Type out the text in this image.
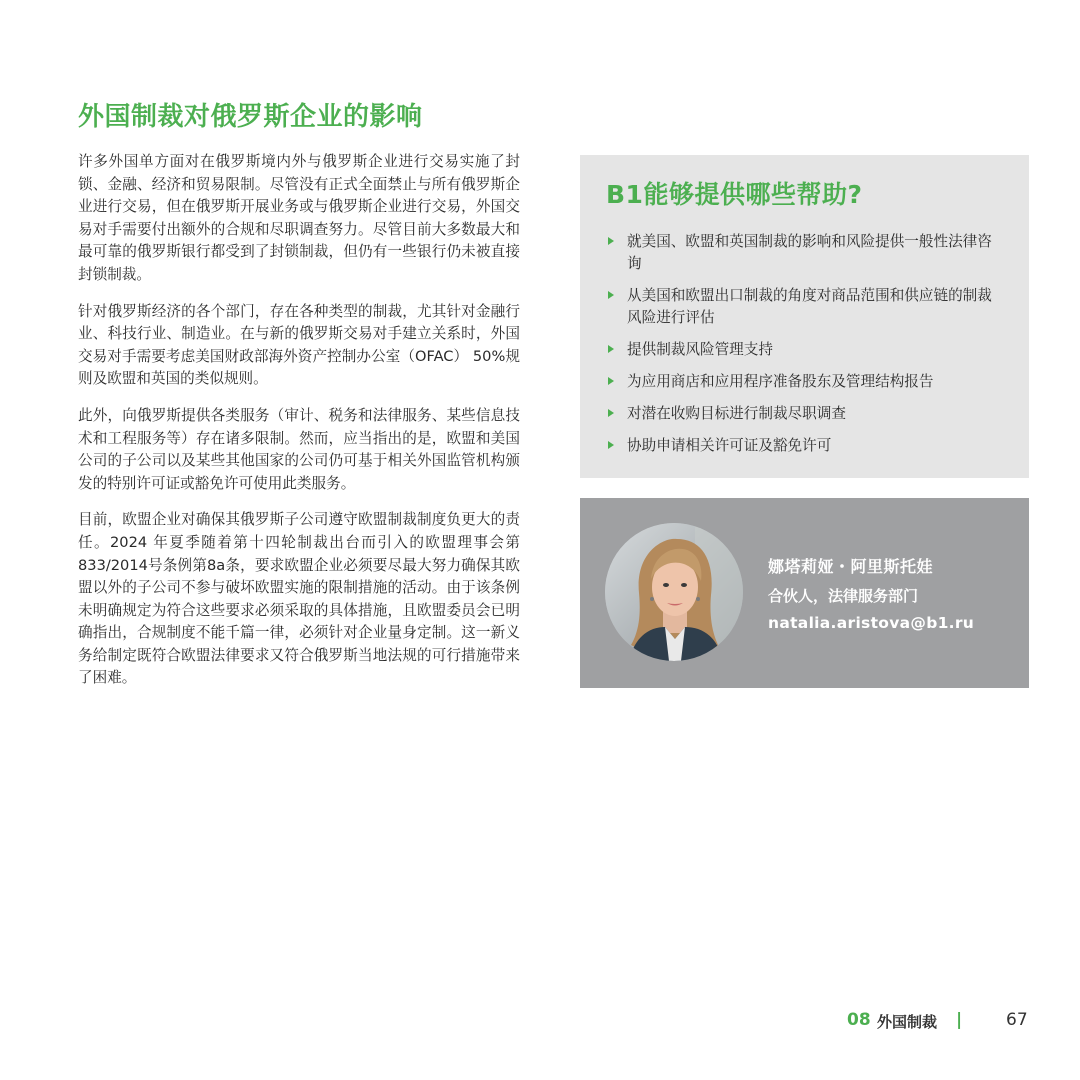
外国制裁对俄罗斯企业的影响

许多外国单方面对在俄罗斯境内外与俄罗斯企业进行交易实施了封锁、金融、经济和贸易限制。尽管没有正式全面禁止与所有俄罗斯企业进行交易，但在俄罗斯开展业务或与俄罗斯企业进行交易，外国交易对手需要付出额外的合规和尽职调查努力。尽管目前大多数最大和最可靠的俄罗斯银行都受到了封锁制裁，但仍有一些银行仍未被直接封锁制裁。

针对俄罗斯经济的各个部门，存在各种类型的制裁，尤其针对金融行业、科技行业、制造业。在与新的俄罗斯交易对手建立关系时，外国交易对手需要考虑美国财政部海外资产控制办公室（OFAC） 50%规则及欧盟和英国的类似规则。

此外，向俄罗斯提供各类服务（审计、税务和法律服务、某些信息技术和工程服务等）存在诸多限制。然而，应当指出的是，欧盟和美国公司的子公司以及某些其他国家的公司仍可基于相关外国监管机构颁发的特别许可证或豁免许可使用此类服务。

目前，欧盟企业对确保其俄罗斯子公司遵守欧盟制裁制度负更大的责任。2024 年夏季随着第十四轮制裁出台而引入的欧盟理事会第833/2014号条例第8a条，要求欧盟企业必须要尽最大努力确保其欧盟以外的子公司不参与破坏欧盟实施的限制措施的活动。由于该条例未明确规定为符合这些要求必须采取的具体措施，且欧盟委员会已明确指出，合规制度不能千篇一律，必须针对企业量身定制。这一新义务给制定既符合欧盟法律要求又符合俄罗斯当地法规的可行措施带来了困难。

B1能够提供哪些帮助?
就美国、欧盟和英国制裁的影响和风险提供一般性法律咨询
从美国和欧盟出口制裁的角度对商品范围和供应链的制裁风险进行评估
提供制裁风险管理支持
为应用商店和应用程序准备股东及管理结构报告
对潜在收购目标进行制裁尽职调查
协助申请相关许可证及豁免许可
娜塔莉娅・阿里斯托娃
合伙人，法律服务部门
natalia.aristova@b1.ru
08 外国制裁 |	67
